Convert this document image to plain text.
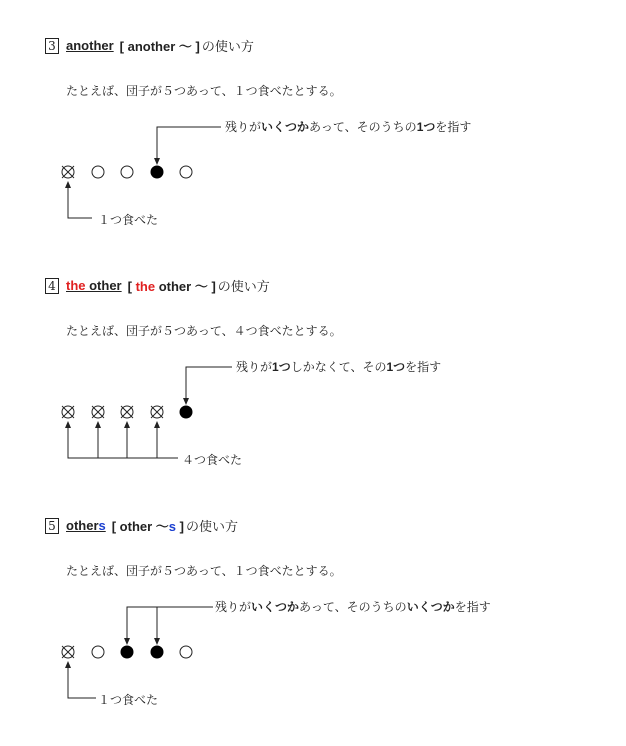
3 another [ another ～ ] の使い方
たとえば、団子が５つあって、１つ食べたとする。
残りがいくつかあって、そのうちの1つを指す
１つ食べた
4 the other [ the other ～ ] の使い方
たとえば、団子が５つあって、４つ食べたとする。
残りが1つしかなくて、その1つを指す
４つ食べた
5 others [ other ～s ] の使い方
たとえば、団子が５つあって、１つ食べたとする。
残りがいくつかあって、そのうちのいくつかを指す
１つ食べた
